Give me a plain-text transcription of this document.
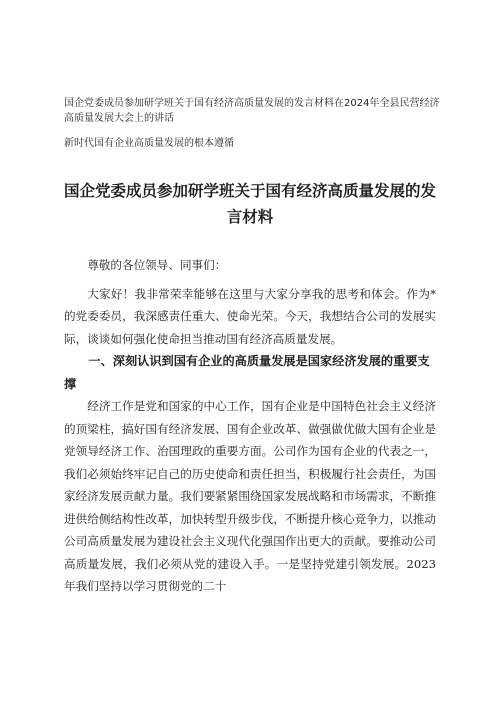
国企党委成员参加研学班关于国有经济高质量发展的发言材料在2024年全县民营经济高质量发展大会上的讲话
新时代国有企业高质量发展的根本遵循
国企党委成员参加研学班关于国有经济高质量发展的发言材料

尊敬的各位领导、同事们：

大家好！我非常荣幸能够在这里与大家分享我的思考和体会。作为*的党委委员，我深感责任重大、使命光荣。今天，我想结合公司的发展实际，谈谈如何强化使命担当推动国有经济高质量发展。

一、深刻认识到国有企业的高质量发展是国家经济发展的重要支撑

经济工作是党和国家的中心工作，国有企业是中国特色社会主义经济的顶梁柱，搞好国有经济发展、国有企业改革、做强做优做大国有企业是党领导经济工作、治国理政的重要方面。公司作为国有企业的代表之一，我们必须始终牢记自己的历史使命和责任担当，积极履行社会责任，为国家经济发展贡献力量。我们要紧紧围绕国家发展战略和市场需求，不断推进供给侧结构性改革，加快转型升级步伐，不断提升核心竞争力，以推动公司高质量发展为建设社会主义现代化强国作出更大的贡献。要推动公司高质量发展，我们必须从党的建设入手。一是坚持党建引领发展。2023年我们坚持以学习贯彻党的二十
